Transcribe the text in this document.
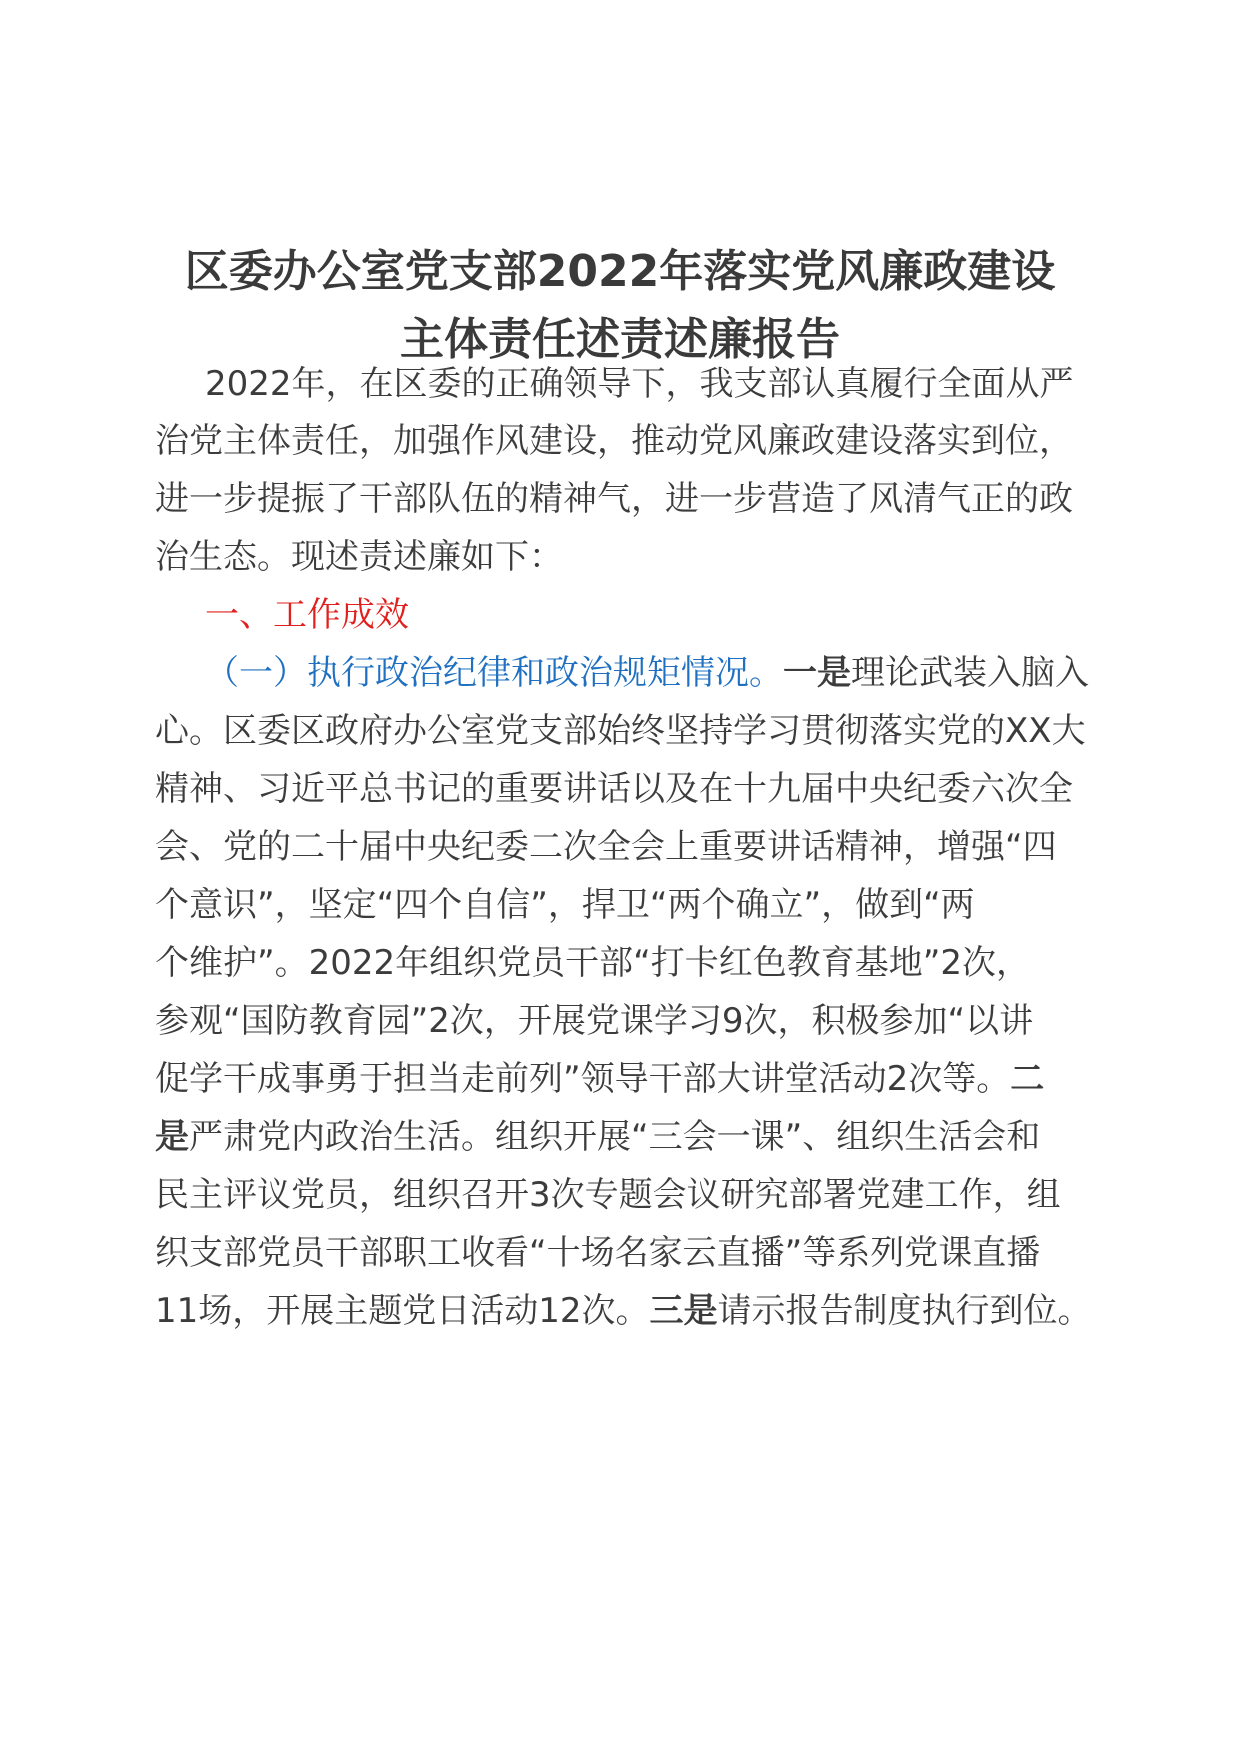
区委办公室党支部2022年落实党风廉政建设
主体责任述责述廉报告
2022年，在区委的正确领导下，我支部认真履行全面从严
治党主体责任，加强作风建设，推动党风廉政建设落实到位，
进一步提振了干部队伍的精神气，进一步营造了风清气正的政
治生态。现述责述廉如下：
一、工作成效
（一）执行政治纪律和政治规矩情况。一是理论武装入脑入
心。区委区政府办公室党支部始终坚持学习贯彻落实党的XX大
精神、习近平总书记的重要讲话以及在十九届中央纪委六次全
会、党的二十届中央纪委二次全会上重要讲话精神，增强“四
个意识”，坚定“四个自信”，捍卫“两个确立”，做到“两
个维护”。2022年组织党员干部“打卡红色教育基地”2次，
参观“国防教育园”2次，开展党课学习9次，积极参加“以讲
促学干成事勇于担当走前列”领导干部大讲堂活动2次等。二
是严肃党内政治生活。组织开展“三会一课”、组织生活会和
民主评议党员，组织召开3次专题会议研究部署党建工作，组
织支部党员干部职工收看“十场名家云直播”等系列党课直播
11场，开展主题党日活动12次。三是请示报告制度执行到位。
